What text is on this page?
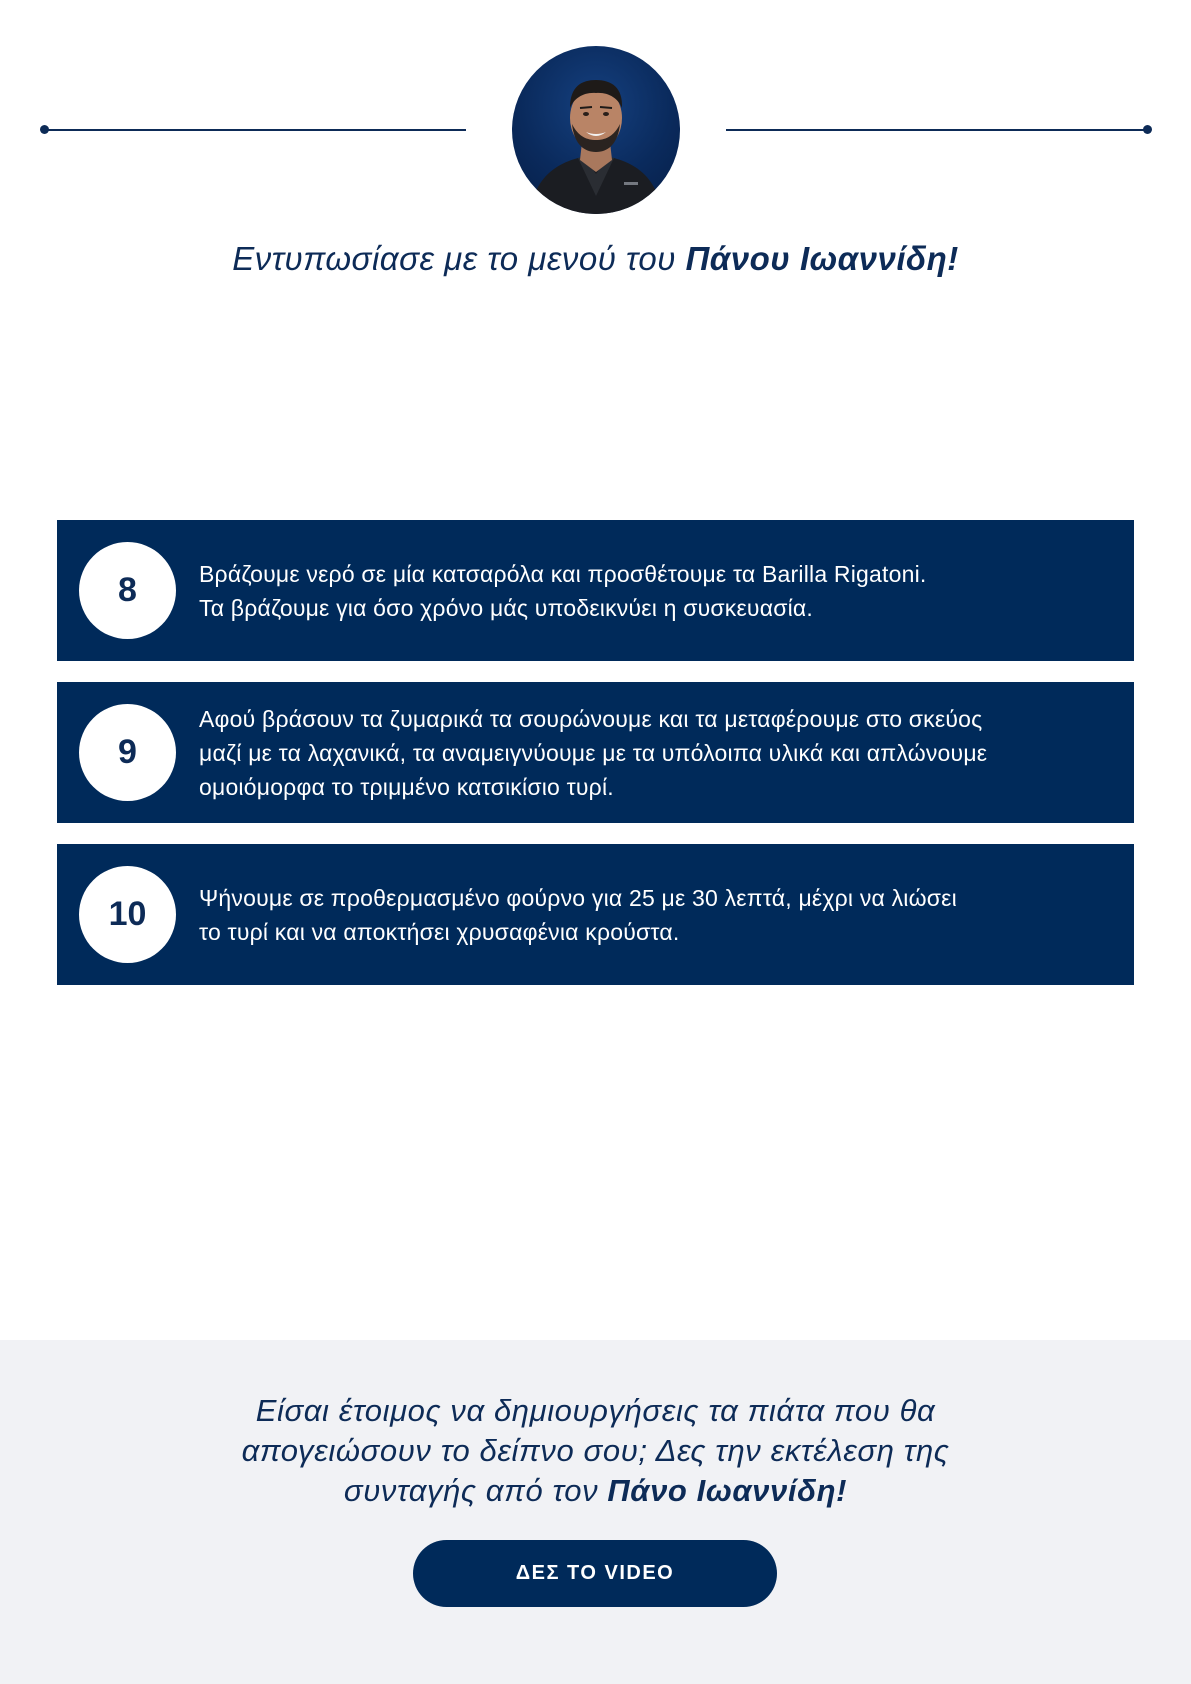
Εντυπωσίασε με το μενού του Πάνου Ιωαννίδη!
8	Βράζουμε νερό σε μία κατσαρόλα και προσθέτουμε τα Barilla Rigatoni.
Τα βράζουμε για όσο χρόνο μάς υποδεικνύει η συσκευασία.
9
Αφού βράσουν τα ζυμαρικά τα σουρώνουμε και τα μεταφέρουμε στο σκεύος
μαζί με τα λαχανικά, τα αναμειγνύουμε με τα υπόλοιπα υλικά και απλώνουμε
ομοιόμορφα το τριμμένο κατσικίσιο τυρί.
10	Ψήνουμε σε προθερμασμένο φούρνο για 25 με 30 λεπτά, μέχρι να λιώσει
το τυρί και να αποκτήσει χρυσαφένια κρούστα.
Είσαι έτοιμος να δημιουργήσεις τα πιάτα που θα
απογειώσουν το δείπνο σου; Δες την εκτέλεση της
συνταγής από τον Πάνο Ιωαννίδη!
ΔΕΣ ΤΟ VIDEO
